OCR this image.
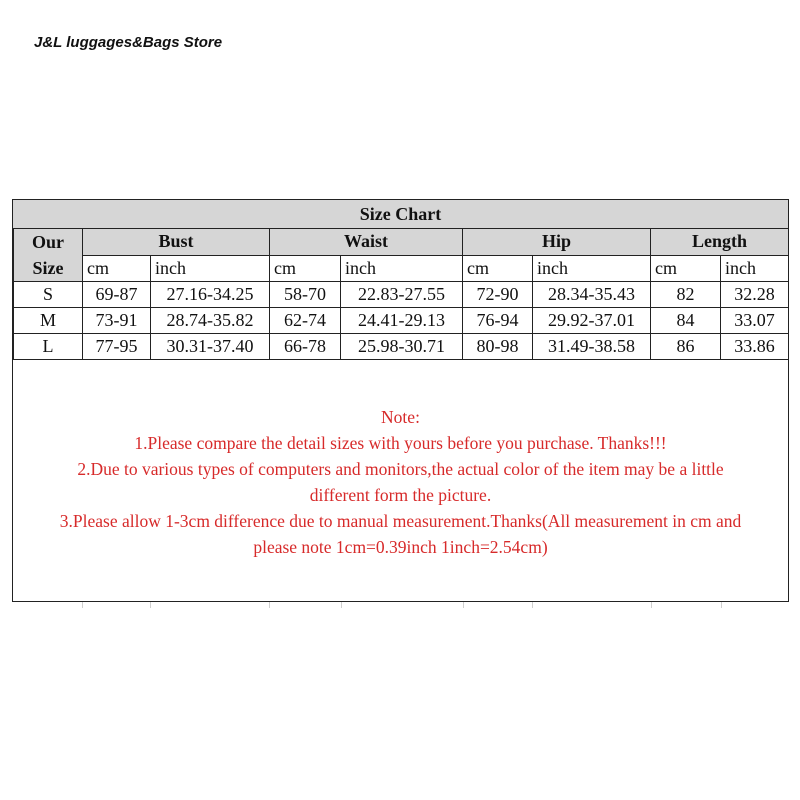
J&L luggages&Bags Store
Size Chart
Our
Size	Bust		Waist		Hip		Length	
	cm	inch	cm	inch	cm	inch	cm	inch
S	69-87	27.16-34.25	58-70	22.83-27.55	72-90	28.34-35.43	82	32.28
M	73-91	28.74-35.82	62-74	24.41-29.13	76-94	29.92-37.01	84	33.07
L	77-95	30.31-37.40	66-78	25.98-30.71	80-98	31.49-38.58	86	33.86
Note:
1.Please compare the detail sizes with yours before you purchase. Thanks!!!
2.Due to various types of computers and monitors,the actual color of the item may be a little
different form the picture.
3.Please allow 1-3cm difference due to manual measurement.Thanks(All measurement in cm and
please note 1cm=0.39inch 1inch=2.54cm)
